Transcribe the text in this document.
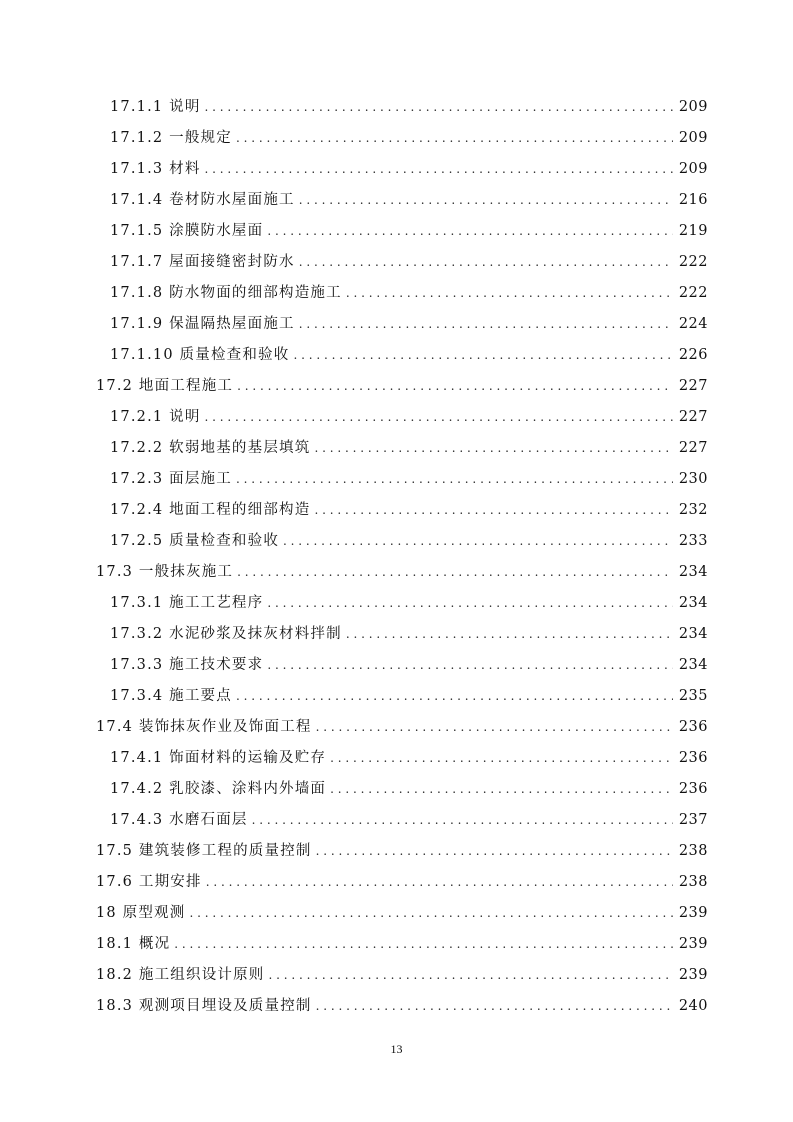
17.1.1 说明 . . .	209
17.1.2 一般规定 . . .	209
17.1.3 材料 . . .	209
17.1.4 卷材防水屋面施工 . . .	216
17.1.5 涂膜防水屋面 . . .	219
17.1.7 屋面接缝密封防水 . . .	222
17.1.8 防水物面的细部构造施工 . . .	222
17.1.9 保温隔热屋面施工 . . .	224
17.1.10 质量检查和验收 . . .	226
17.2 地面工程施工 . . .	227
17.2.1 说明 . . .	227
17.2.2 软弱地基的基层填筑 . . .	227
17.2.3 面层施工 . . .	230
17.2.4 地面工程的细部构造 . . .	232
17.2.5 质量检查和验收 . . .	233
17.3 一般抹灰施工 . . .	234
17.3.1 施工工艺程序 . . .	234
17.3.2 水泥砂浆及抹灰材料拌制 . . .	234
17.3.3 施工技术要求 . . .	234
17.3.4 施工要点 . . .	235
17.4 装饰抹灰作业及饰面工程 . . .	236
17.4.1 饰面材料的运输及贮存 . . .	236
17.4.2 乳胶漆、涂料内外墙面 . . .	236
17.4.3 水磨石面层 . . .	237
17.5 建筑装修工程的质量控制 . . .	238
17.6 工期安排 . . .	238
18 原型观测 . . .	239
18.1 概况 . . .	239
18.2 施工组织设计原则 . . .	239
18.3 观测项目埋设及质量控制 . . .	240
13
